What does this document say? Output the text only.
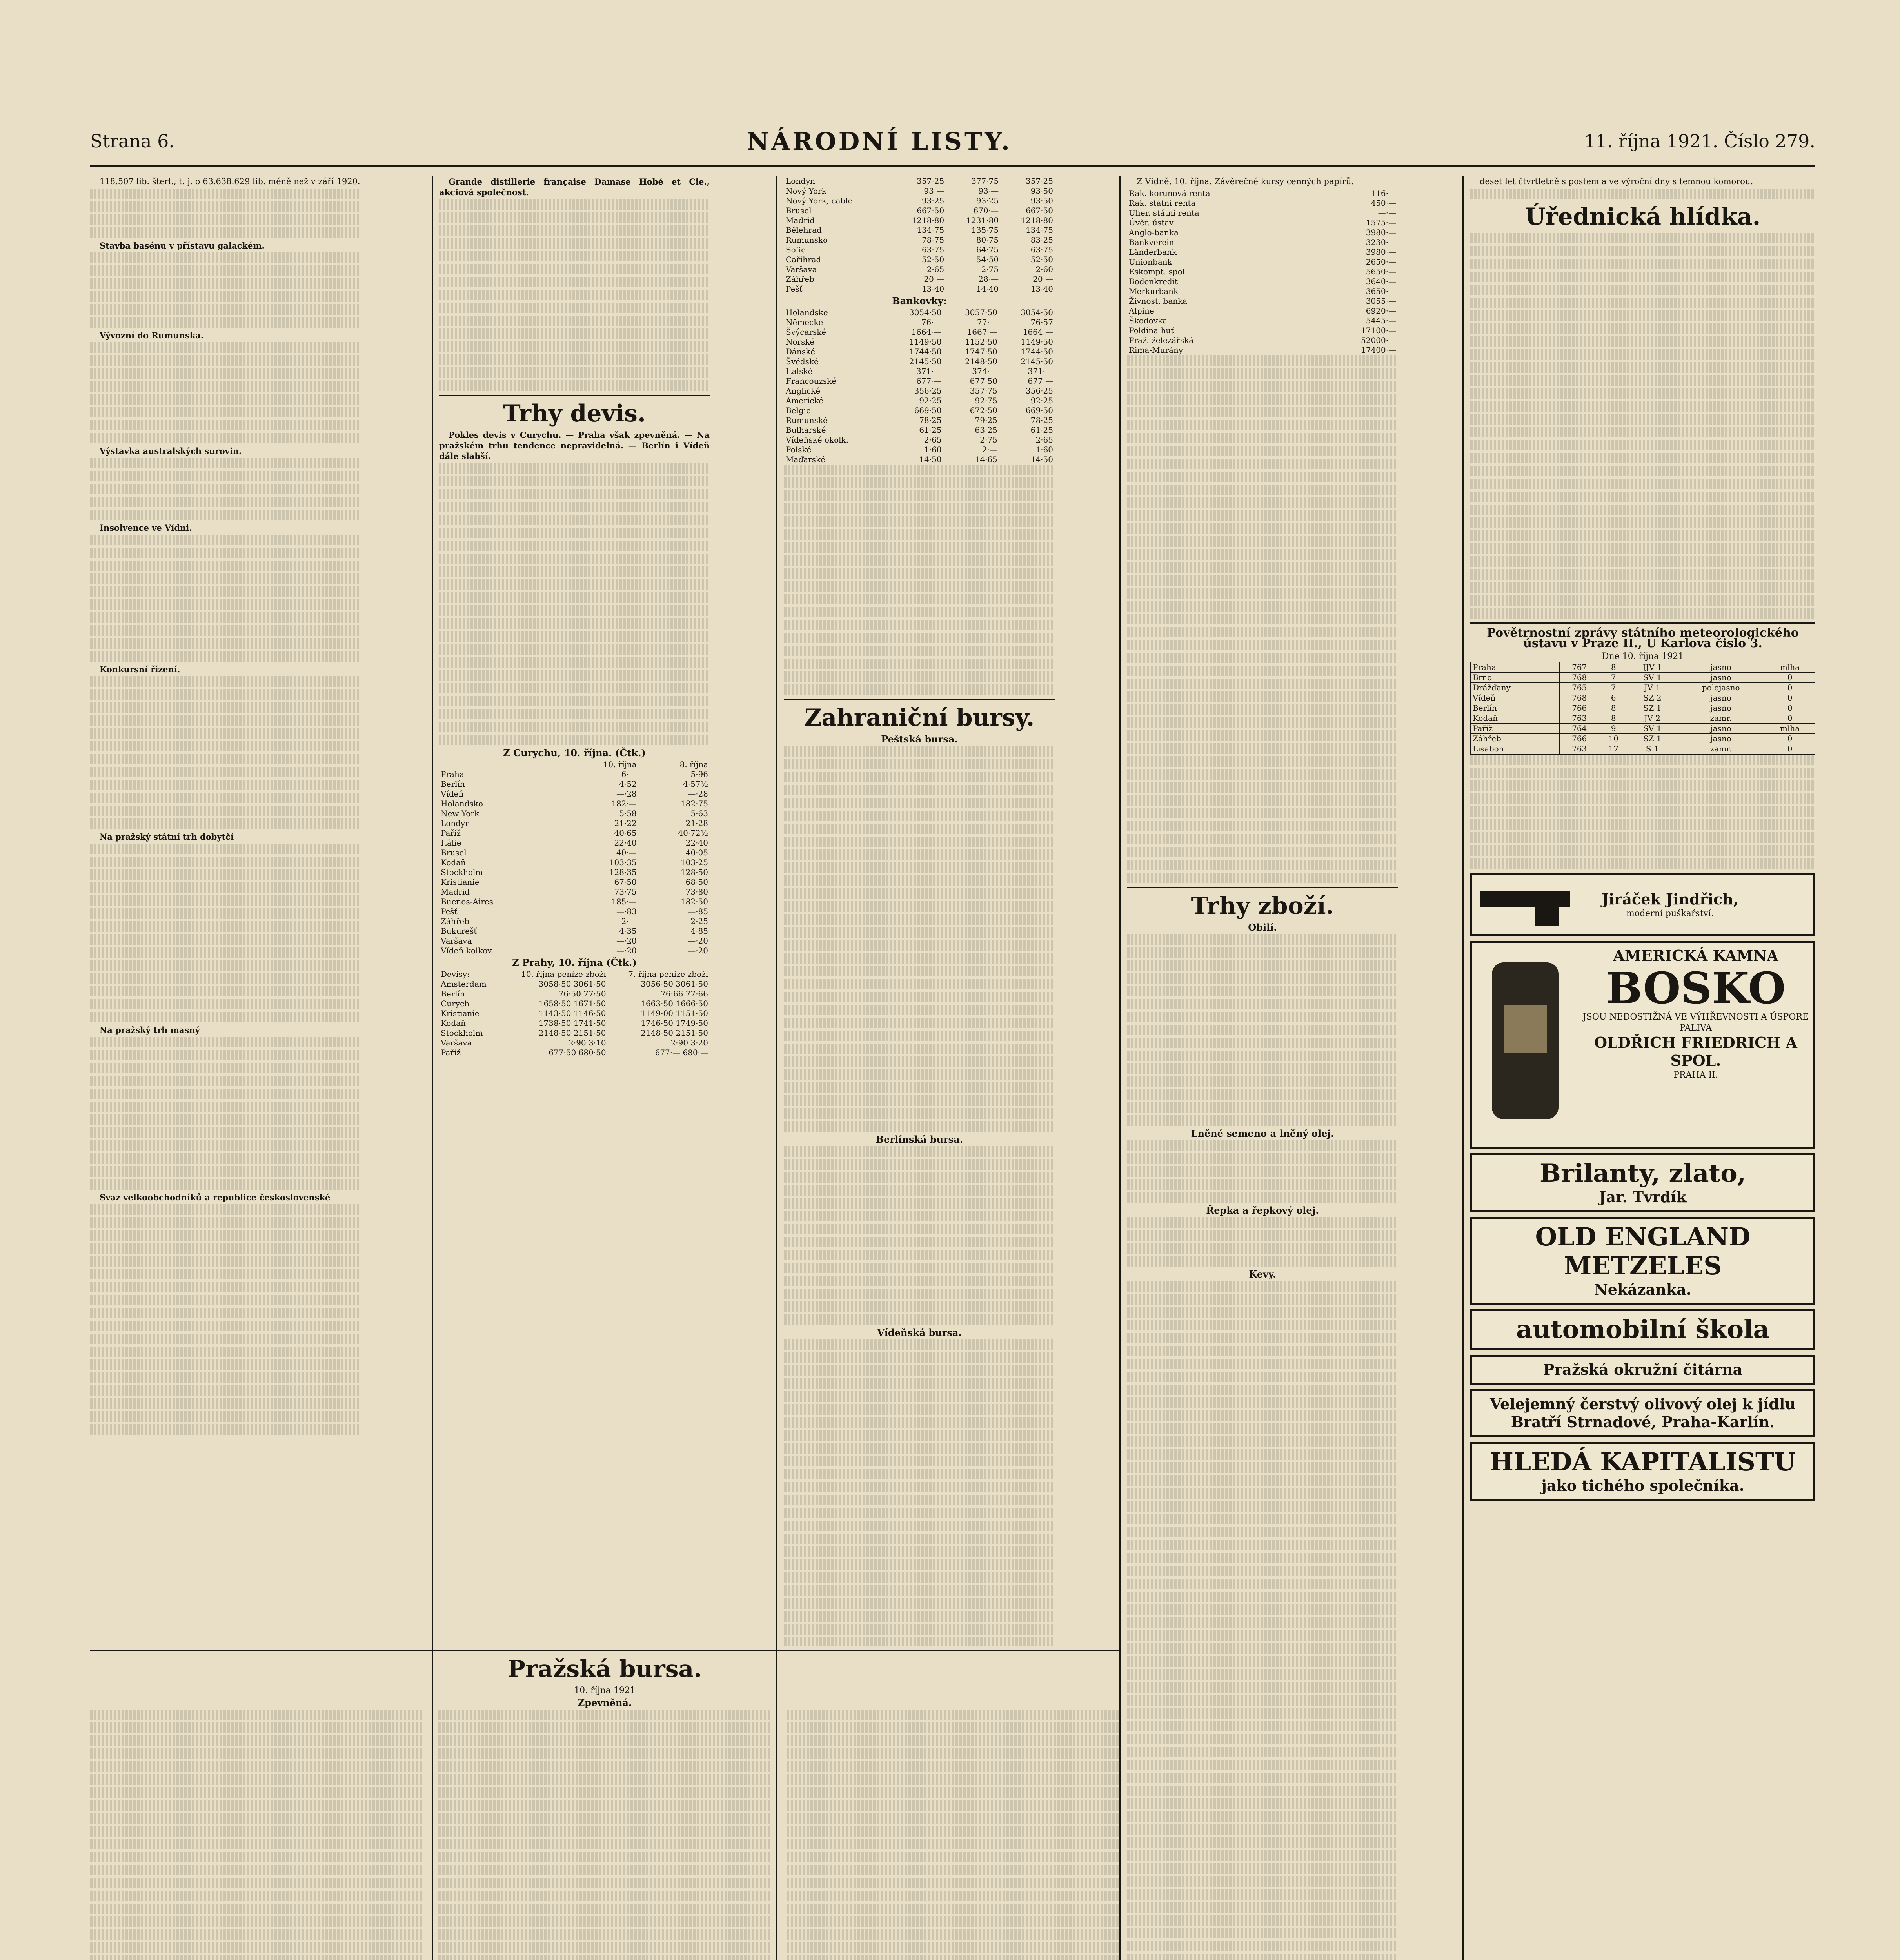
Strana 6.	NÁRODNÍ LISTY.	11. října 1921. Číslo 279.

118.507 lib. šterl., t. j. o 63.638.629 lib. méně než v září 1920.

Stavba basénu v přístavu galackém.

Vývozní do Rumunska.

Výstavka australských surovin.

Insolvence ve Vídni.

Konkursní řízení.

Na pražský státní trh dobytčí

Na pražský trh masný

Svaz velkoobchodníků a republice československé

Grande distillerie française Damase Hobé et Cie., akciová společnost.

Trhy devis.

Pokles devis v Curychu. — Praha však zpevněná. — Na pražském trhu tendence nepravidelná. — Berlín i Vídeň dále slabší.

Z Curychu, 10. října. (Čtk.)
	10. října	8. října
Praha	6·—	5·96
Berlín	4·52	4·57½
Vídeň	—·28	—·28
Holandsko	182·—	182·75
New York	5·58	5·63
Londýn	21·22	21·28
Paříž	40·65	40·72½
Itálie	22·40	22·40
Brusel	40·—	40·05
Kodaň	103·35	103·25
Stockholm	128·35	128·50
Kristianie	67·50	68·50
Madrid	73·75	73·80
Buenos-Aires	185·—	182·50
Pešť	—·83	—·85
Záhřeb	2·—	2·25
Bukurešť	4·35	4·85
Varšava	—·20	—·20
Vídeň kolkov.	—·20	—·20
Z Prahy, 10. října (Čtk.)
Devisy:	10. října peníze zboží	7. října peníze zboží
Amsterdam	3058·50 3061·50	3056·50 3061·50
Berlín	76·50 77·50	76·66 77·66
Curych	1658·50 1671·50	1663·50 1666·50
Kristianie	1143·50 1146·50	1149·00 1151·50
Kodaň	1738·50 1741·50	1746·50 1749·50
Stockholm	2148·50 2151·50	2148·50 2151·50
Varšava	2·90 3·10	2·90 3·20
Paříž	677·50 680·50	677·— 680·—
Londýn	357·25	377·75	357·25
Nový York	93·—	93·—	93·50
Nový York, cable	93·25	93·25	93·50
Brusel	667·50	670·—	667·50
Madrid	1218·80	1231·80	1218·80
Bělehrad	134·75	135·75	134·75
Rumunsko	78·75	80·75	83·25
Sofie	63·75	64·75	63·75
Cařihrad	52·50	54·50	52·50
Varšava	2·65	2·75	2·60
Záhřeb	20·—	28·—	20·—
Pešť	13·40	14·40	13·40
Bankovky:
Holandské	3054·50	3057·50	3054·50
Německé	76·—	77·—	76·57
Švýcarské	1664·—	1667·—	1664·—
Norské	1149·50	1152·50	1149·50
Dánské	1744·50	1747·50	1744·50
Švédské	2145·50	2148·50	2145·50
Italské	371·—	374·—	371·—
Francouzské	677·—	677·50	677·—
Anglické	356·25	357·75	356·25
Americké	92·25	92·75	92·25
Belgie	669·50	672·50	669·50
Rumunské	78·25	79·25	78·25
Bulharské	61·25	63·25	61·25
Vídeňské okolk.	2·65	2·75	2·65
Polské	1·60	2·—	1·60
Maďarské	14·50	14·65	14·50
Zahraniční bursy.
Peštská bursa.
Berlínská bursa.
Vídeňská bursa.

Z Vídně, 10. října. Závěrečné kursy cenných papírů.

Rak. korunová renta	116·—
Rak. státní renta	450·—
Uher. státní renta	—·—
Úvěr. ústav	1575·—
Anglo-banka	3980·—
Bankverein	3230·—
Länderbank	3980·—
Unionbank	2650·—
Eskompt. spol.	5650·—
Bodenkredit	3640·—
Merkurbank	3650·—
Živnost. banka	3055·—
Alpine	6920·—
Škodovka	5445·—
Poldina huť	17100·—
Praž. železářská	52000·—
Rima-Murány	17400·—
Trhy zboží.
Obilí.
Lněné semeno a lněný olej.
Řepka a řepkový olej.
Kevy.

deset let čtvrtletně s postem a ve výroční dny s temnou komorou.

Úřednická hlídka.
Povětrnostní zprávy státního meteorologického ústavu v Praze II., U Karlova čislo 3.
Dne 10. října 1921
Praha	767	8	JJV 1	jasno	mlha
Brno	768	7	SV 1	jasno	0
Drážďany	765	7	JV 1	polojasno	0
Vídeň	768	6	SZ 2	jasno	0
Berlín	766	8	SZ 1	jasno	0
Kodaň	763	8	JV 2	zamr.	0
Paříž	764	9	SV 1	jasno	mlha
Záhřeb	766	10	SZ 1	jasno	0
Lisabon	763	17	S 1	zamr.	0
Jiráček Jindřich,
moderní puškařství.
AMERICKÁ KAMNA
BOSKO
JSOU NEDOSTIŽNÁ VE VÝHŘEVNOSTI A ÚSPORE PALIVA
OLDŘICH FRIEDRICH A SPOL.
PRAHA II.
Brilanty, zlato,
Jar. Tvrdík
OLD ENGLAND
METZELES
Nekázanka.
automobilní škola
Pražská okružní čitárna
Velejemný čerstvý olivový olej k jídlu
Bratří Strnadové, Praha-Karlín.
HLEDÁ KAPITALISTU
jako tichého společníka.
Pražská bursa.
10. října 1921
Zpevněná.
